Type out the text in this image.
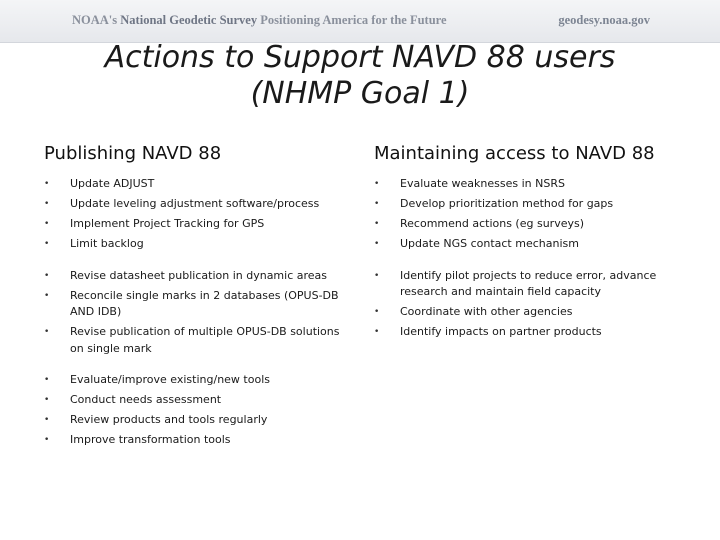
NOAA's National Geodetic Survey Positioning America for the Future	geodesy.noaa.gov
Actions to Support NAVD 88 users
(NHMP Goal 1)
Publishing NAVD 88
• Update ADJUST
• Update leveling adjustment software/process
• Implement Project Tracking for GPS
• Limit backlog
• Revise datasheet publication in dynamic areas
• Reconcile single marks in 2 databases (OPUS-DB AND IDB)
• Revise publication of multiple OPUS-DB solutions on single mark
• Evaluate/improve existing/new tools
• Conduct needs assessment
• Review products and tools regularly
• Improve transformation tools
Maintaining access to NAVD 88
• Evaluate weaknesses in NSRS
• Develop prioritization method for gaps
• Recommend actions (eg surveys)
• Update NGS contact mechanism
• Identify pilot projects to reduce error, advance research and maintain field capacity
• Coordinate with other agencies
• Identify impacts on partner products
